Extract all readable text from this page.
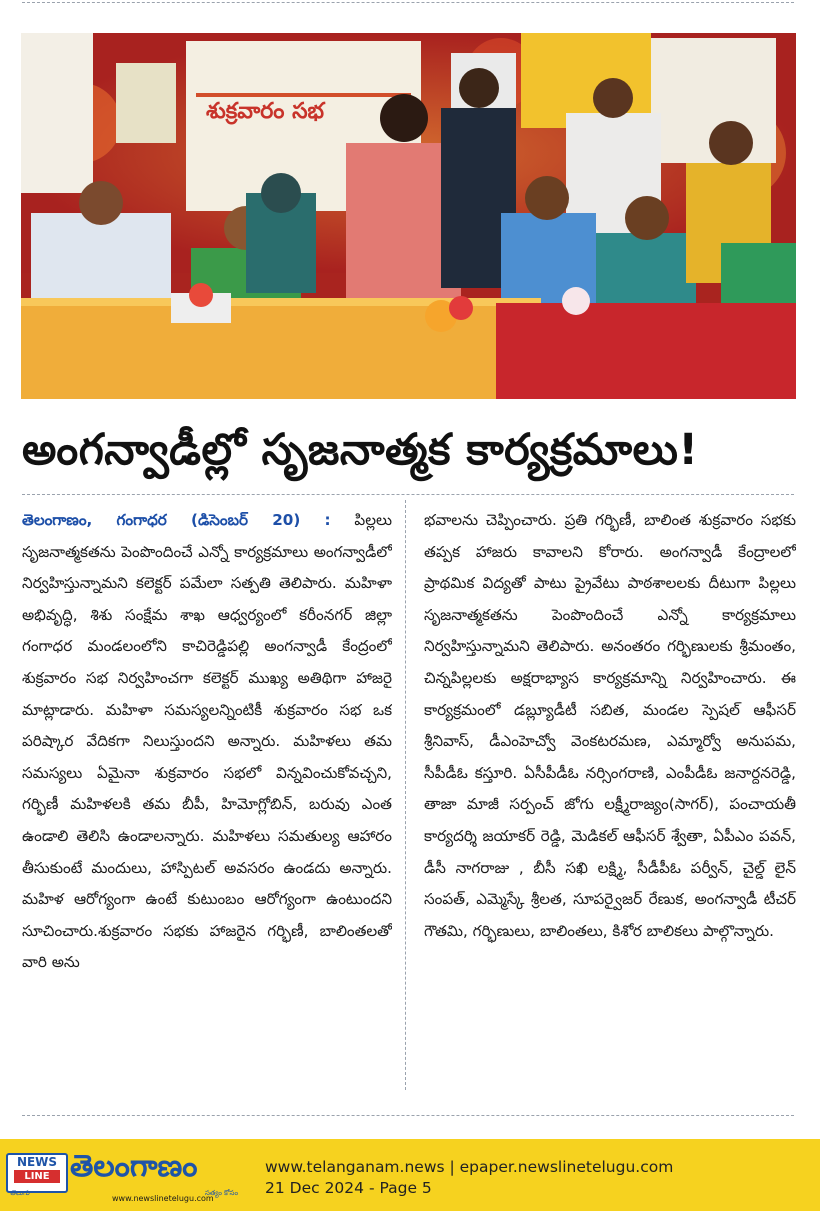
శుక్రవారం సభ
అంగన్వాడీల్లో సృజనాత్మక కార్యక్రమాలు!
తెలంగాణం, గంగాధర (డిసెంబర్ 20) : పిల్లలు సృజనాత్మకతను పెంపొందించే ఎన్నో కార్యక్రమాలు అంగన్వాడీలో నిర్వహిస్తున్నామని కలెక్టర్ పమేలా సత్పతి తెలిపారు. మహిళా అభివృద్ధి, శిశు సంక్షేమ శాఖ ఆధ్వర్యంలో కరీంనగర్ జిల్లా గంగాధర మండలంలోని కాచిరెడ్డిపల్లి అంగన్వాడీ కేంద్రంలో శుక్రవారం సభ నిర్వహించగా కలెక్టర్ ముఖ్య అతిథిగా హాజరై మాట్లాడారు. మహిళా సమస్యలన్నింటికీ శుక్రవారం సభ ఒక పరిష్కార వేదికగా నిలుస్తుందని అన్నారు. మహిళలు తమ సమస్యలు ఏమైనా శుక్రవారం సభలో విన్నవించుకోవచ్చని, గర్భిణీ మహిళలకి తమ బీపీ, హిమోగ్లోబిన్, బరువు ఎంత ఉండాలి తెలిసి ఉండాలన్నారు. మహిళలు సమతుల్య ఆహారం తీసుకుంటే మందులు, హాస్పిటల్ అవసరం ఉండదు అన్నారు. మహిళ ఆరోగ్యంగా ఉంటే కుటుంబం ఆరోగ్యంగా ఉంటుందని సూచించారు.శుక్రవారం సభకు హాజరైన గర్భిణీ, బాలింతలతో వారి అను
భవాలను చెప్పించారు. ప్రతి గర్భిణీ, బాలింత శుక్రవారం సభకు తప్పక హాజరు కావాలని కోరారు. అంగన్వాడీ కేంద్రాలలో ప్రాథమిక విద్యతో పాటు ప్రైవేటు పాఠశాలలకు దీటుగా పిల్లలు సృజనాత్మకతను పెంపొందించే ఎన్నో కార్యక్రమాలు నిర్వహిస్తున్నామని తెలిపారు. అనంతరం గర్భిణులకు శ్రీమంతం, చిన్నపిల్లలకు అక్షరాభ్యాస కార్యక్రమాన్ని నిర్వహించారు. ఈ కార్యక్రమంలో డబ్ల్యూడీటీ సబిత, మండల స్పెషల్ ఆఫీసర్ శ్రీనివాస్, డీఎంహెచ్వో వెంకటరమణ, ఎమ్మార్వో అనుపమ, సీపీడీఓ కస్తూరి. ఏసీపీడీఓ నర్సింగరాణి, ఎంపీడీఓ జనార్దనరెడ్డి, తాజా మాజీ సర్పంచ్ జోగు లక్ష్మీరాజ్యం(సాగర్), పంచాయతీ కార్యదర్శి జయాకర్ రెడ్డి, మెడికల్ ఆఫీసర్ శ్వేతా, ఏపీఎం పవన్, డీసీ నాగరాజు , బీసీ సఖి లక్ష్మి, సీడీపీఓ పర్వీన్, చైల్డ్ లైన్ సంపత్, ఎమ్మెస్కే శ్రీలత, సూపర్వైజర్ రేణుక, అంగన్వాడీ టీచర్ గౌతమి, గర్భిణులు, బాలింతలు, కిశోర బాలికలు పాల్గొన్నారు.
NEWS
LINE తెలంగాణం
తెలుగు
www.newslinetelugu.com
సత్యం కోసం
www.telanganam.news | epaper.newslinetelugu.com
21 Dec 2024 - Page 5
